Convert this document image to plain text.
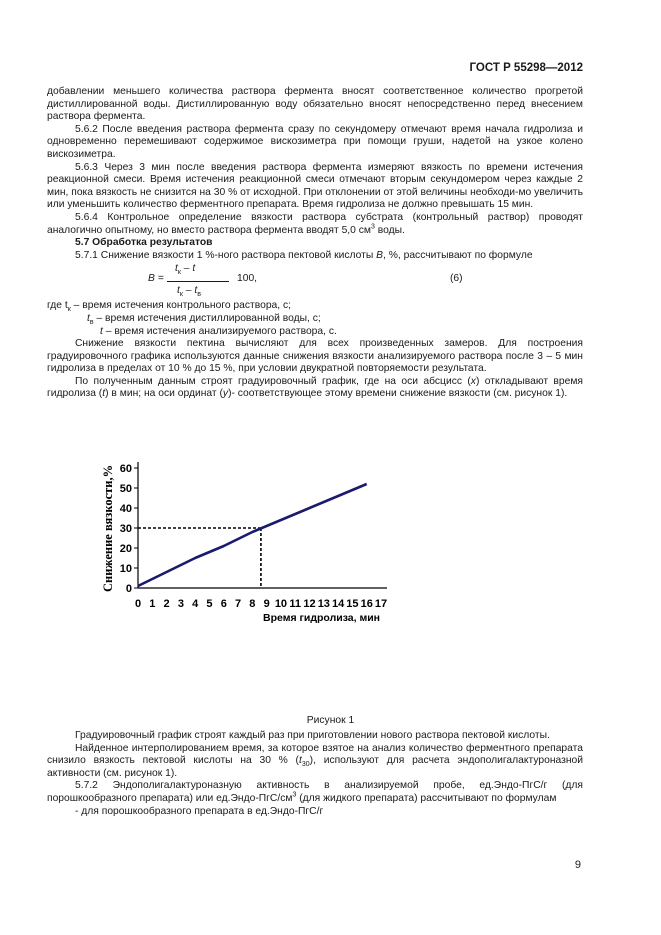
ГОСТ Р 55298—2012

добавлении меньшего количества раствора фермента вносят соответственное количество прогретой дистиллированной воды. Дистиллированную воду обязательно вносят непосредственно перед внесением раствора фермента.

5.6.2 После введения раствора фермента сразу по секундомеру отмечают время начала гидролиза и одновременно перемешивают содержимое вискозиметра при помощи груши, надетой на узкое колено вискозиметра.

5.6.3 Через 3 мин после введения раствора фермента измеряют вязкость по времени истечения реакционной смеси. Время истечения реакционной смеси отмечают вторым секундомером через каждые 2 мин, пока вязкость не снизится на 30 % от исходной. При отклонении от этой величины необходи-мо увеличить или уменьшить количество ферментного препарата. Время гидролиза не должно превышать 15 мин.

5.6.4 Контрольное определение вязкости раствора субстрата (контрольный раствор) проводят аналогично опытному, но вместо раствора фермента вводят 5,0 $см^3$ воды.

5.7 Обработка результатов

5.7.1 Снижение вязкости 1 %-ного раствора пектовой кислоты B, %, рассчитывают по формуле

$t_к$ – t
B =	100,
$t_к - t_в$
(6)

где $t_к$ – время истечения контрольного раствора, с;

$t_в$ – время истечения дистиллированной воды, с;

t – время истечения анализируемого раствора, с.

Снижение вязкости пектина вычисляют для всех произведенных замеров. Для построения градуировочного графика используются данные снижения вязкости анализируемого раствора после 3 – 5 мин гидролиза в пределах от 10 % до 15 %, при условии двукратной повторяемости результата.

По полученным данным строят градуировочный график, где на оси абсцисс (x) откладывают время гидролиза (t) в мин; на оси ординат (y)- соответствующее этому времени снижение вязкости (см. рисунок 1).

0
10
20
30
40
50
60
0 1 2 3 4 5 6 7 8 9 10 11 12 13 14 15 16 17
Снижение вязкости,%
Время гидролиза, мин
Рисунок 1

Градуировочный график строят каждый раз при приготовлении нового раствора пектовой кислоты.

Найденное интерполированием время, за которое взятое на анализ количество ферментного препарата снизило вязкость пектовой кислоты на 30 % $(t_{30})$, используют для расчета эндополигалактуроназной активности (см. рисунок 1).

5.7.2 Эндополигалактуроназную активность в анализируемой пробе, ед.Эндо-ПгС/г (для порошкообразного препарата) или $ед.Эндо-ПгС/см^3$ (для жидкого препарата) рассчитывают по формулам

- для порошкообразного препарата в ед.Эндо-ПгС/г

9
